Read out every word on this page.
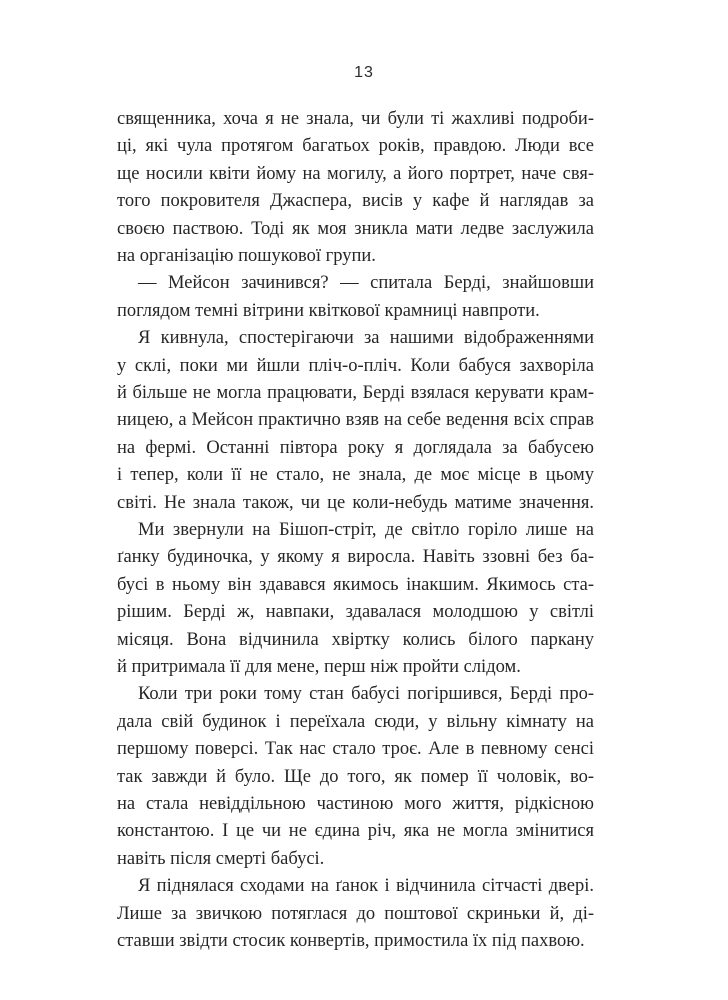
13
священника, хоча я не знала, чи були ті жахливі подроби-
ці, які чула протягом багатьох років, правдою. Люди все
ще носили квіти йому на могилу, а його портрет, наче свя-
того покровителя Джаспера, висів у кафе й наглядав за
своєю паствою. Тоді як моя зникла мати ледве заслужила
на організацію пошукової групи.
— Мейсон зачинився? — спитала Берді, знайшовши
поглядом темні вітрини квіткової крамниці навпроти.
Я кивнула, спостерігаючи за нашими відображеннями
у склі, поки ми йшли пліч-о-пліч. Коли бабуся захворіла
й більше не могла працювати, Берді взялася керувати крам-
ницею, а Мейсон практично взяв на себе ведення всіх справ
на фермі. Останні півтора року я доглядала за бабусею
і тепер, коли її не стало, не знала, де моє місце в цьому
світі. Не знала також, чи це коли-небудь матиме значення.
Ми звернули на Бішоп-стріт, де світло горіло лише на
ґанку будиночка, у якому я виросла. Навіть ззовні без ба-
бусі в ньому він здавався якимось інакшим. Якимось ста-
рішим. Берді ж, навпаки, здавалася молодшою у світлі
місяця. Вона відчинила хвіртку колись білого паркану
й притримала її для мене, перш ніж пройти слідом.
Коли три роки тому стан бабусі погіршився, Берді про-
дала свій будинок і переїхала сюди, у вільну кімнату на
першому поверсі. Так нас стало троє. Але в певному сенсі
так завжди й було. Ще до того, як помер її чоловік, во-
на стала невіддільною частиною мого життя, рідкісною
константою. І це чи не єдина річ, яка не могла змінитися
навіть після смерті бабусі.
Я піднялася сходами на ґанок і відчинила сітчасті двері.
Лише за звичкою потяглася до поштової скриньки й, ді-
ставши звідти стосик конвертів, примостила їх під пахвою.
